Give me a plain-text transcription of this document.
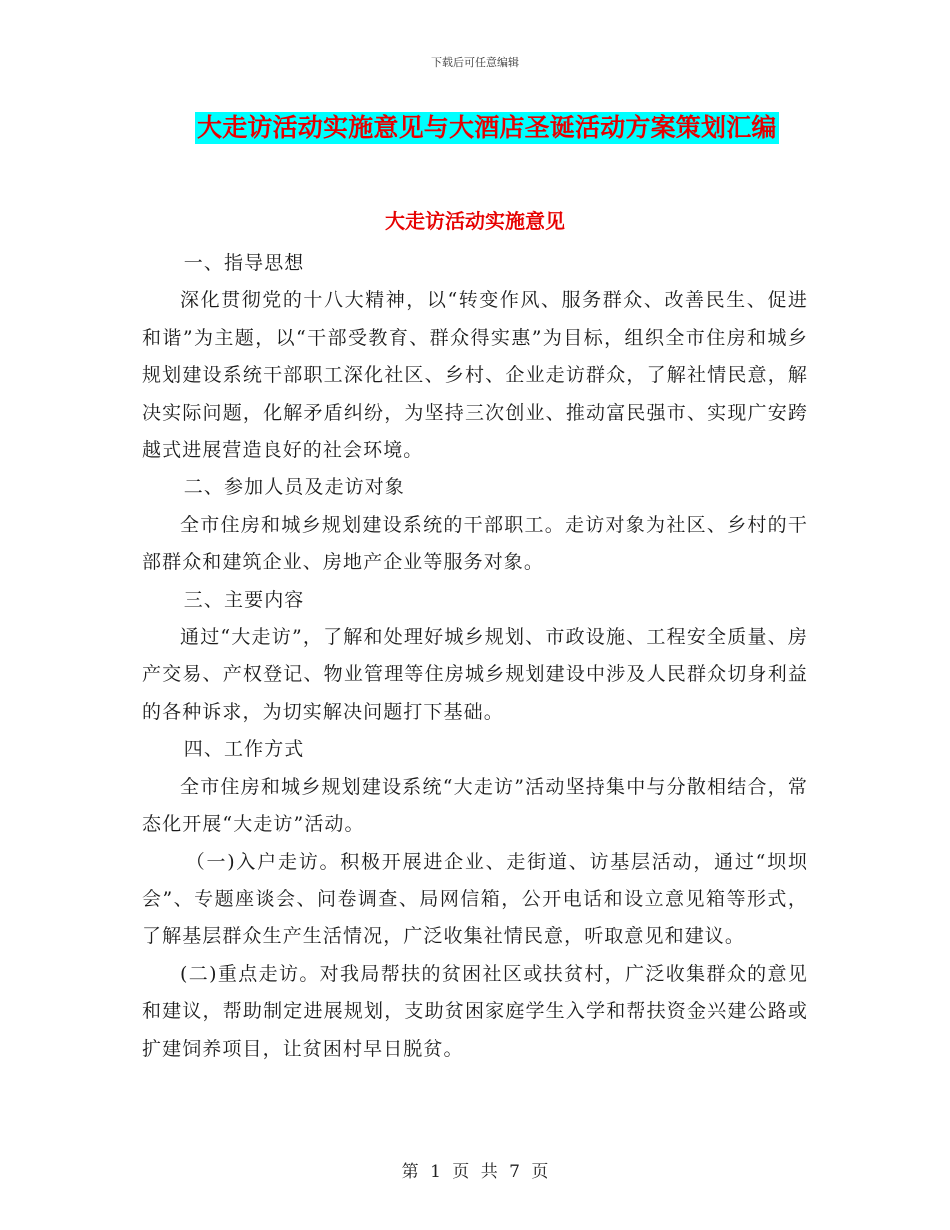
下载后可任意编辑
大走访活动实施意见与大酒店圣诞活动方案策划汇编
大走访活动实施意见

一、指导思想

深化贯彻党的十八大精神，以“转变作风、服务群众、改善民生、促进和谐”为主题，以“干部受教育、群众得实惠”为目标，组织全市住房和城乡规划建设系统干部职工深化社区、乡村、企业走访群众，了解社情民意，解决实际问题，化解矛盾纠纷，为坚持三次创业、推动富民强市、实现广安跨越式进展营造良好的社会环境。

二、参加人员及走访对象

全市住房和城乡规划建设系统的干部职工。走访对象为社区、乡村的干部群众和建筑企业、房地产企业等服务对象。

三、主要内容

通过“大走访”，了解和处理好城乡规划、市政设施、工程安全质量、房产交易、产权登记、物业管理等住房城乡规划建设中涉及人民群众切身利益的各种诉求，为切实解决问题打下基础。

四、工作方式

全市住房和城乡规划建设系统“大走访”活动坚持集中与分散相结合，常态化开展“大走访”活动。

（一)入户走访。积极开展进企业、走街道、访基层活动，通过“坝坝会”、专题座谈会、问卷调查、局网信箱，公开电话和设立意见箱等形式，了解基层群众生产生活情况，广泛收集社情民意，听取意见和建议。

(二)重点走访。对我局帮扶的贫困社区或扶贫村，广泛收集群众的意见和建议，帮助制定进展规划，支助贫困家庭学生入学和帮扶资金兴建公路或扩建饲养项目，让贫困村早日脱贫。

第 1 页 共 7 页
